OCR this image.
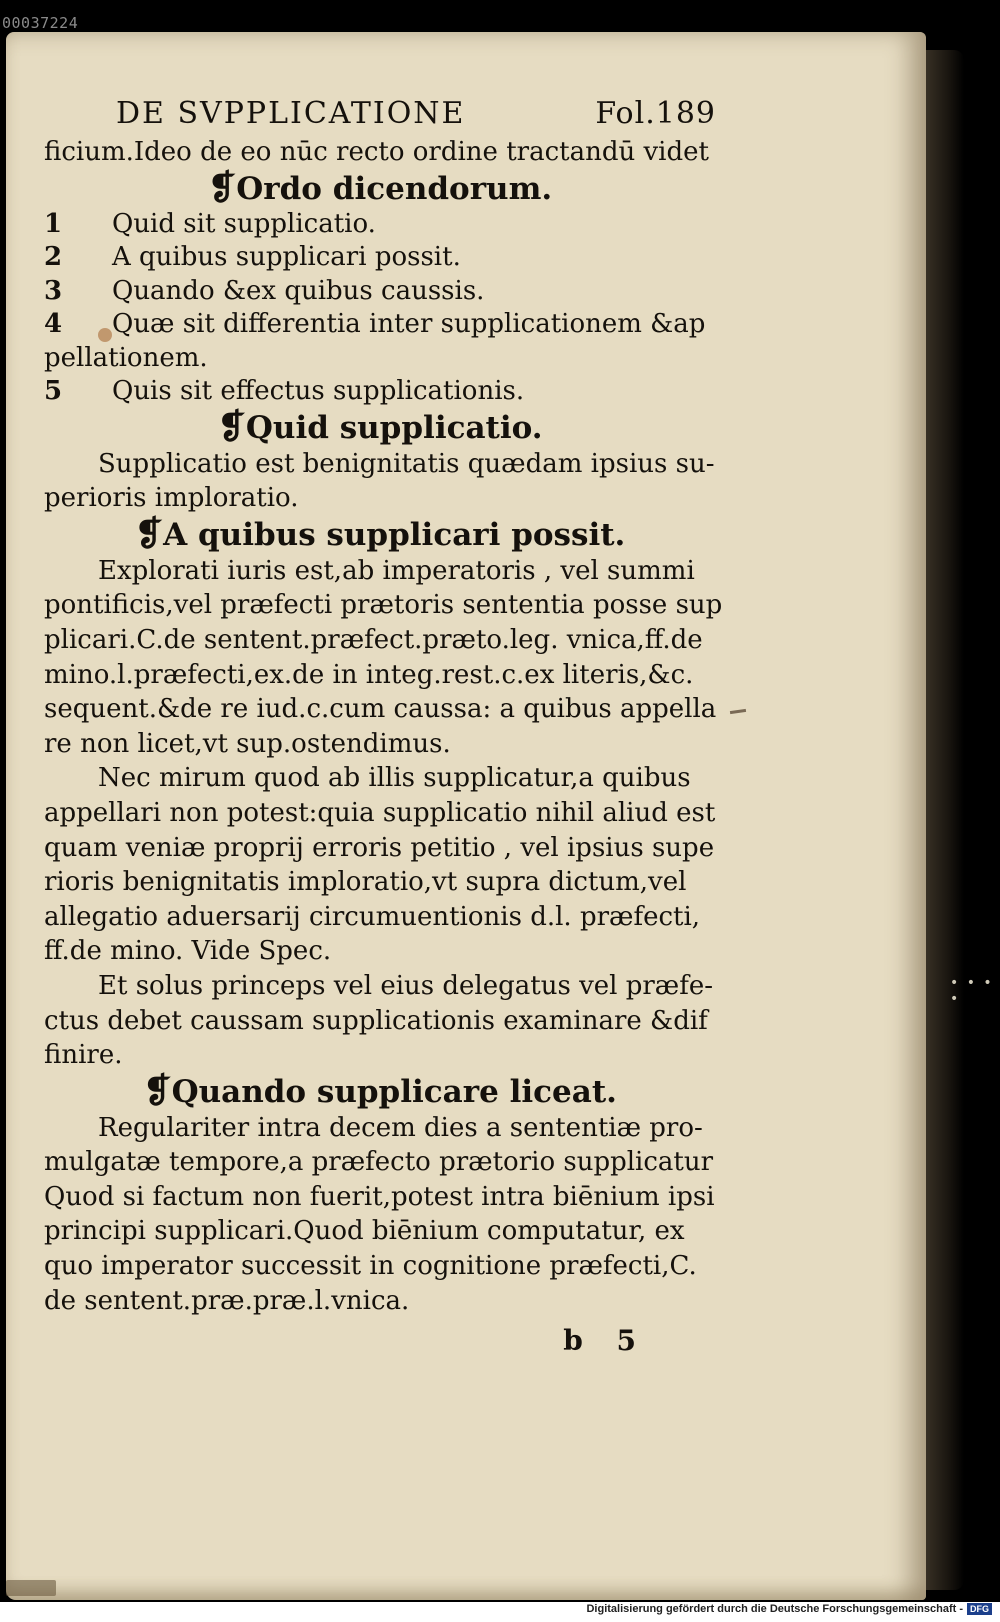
00037224
• • • •
DE SVPPLICATIONE	Fol.189
ficium.Ideo de eo nūc recto ordine tractandū videt
❡Ordo dicendorum.
1	Quid sit supplicatio.
2	A quibus supplicari possit.
3	Quando &ex quibus caussis.
4	Quæ sit differentia inter supplicationem &ap
pellationem.
5	Quis sit effectus supplicationis.
❡Quid supplicatio.
Supplicatio est benignitatis quædam ipsius su-
perioris imploratio.
❡A quibus supplicari possit.
Explorati iuris est,ab imperatoris , vel summi
pontificis,vel præfecti prætoris sententia posse sup
plicari.C.de sentent.præfect.præto.leg. vnica,ff.de
mino.l.præfecti,ex.de in integ.rest.c.ex literis,&c.
sequent.&de re iud.c.cum caussa: a quibus appella
re non licet,vt sup.ostendimus.
Nec mirum quod ab illis supplicatur,a quibus
appellari non potest:quia supplicatio nihil aliud est
quam veniæ proprij erroris petitio , vel ipsius supe
rioris benignitatis imploratio,vt supra dictum,vel
allegatio aduersarij circumuentionis d.l. præfecti,
ff.de mino. Vide Spec.
Et solus princeps vel eius delegatus vel præfe-
ctus debet caussam supplicationis examinare &dif
finire.
❡Quando supplicare liceat.
Regulariter intra decem dies a sententiæ pro-
mulgatæ tempore,a præfecto prætorio supplicatur
Quod si factum non fuerit,potest intra biēnium ipsi
principi supplicari.Quod biēnium computatur, ex
quo imperator successit in cognitione præfecti,C.
de sentent.præ.præ.l.vnica.
b 5
Digitalisierung gefördert durch die Deutsche Forschungsgemeinschaft - DFG
